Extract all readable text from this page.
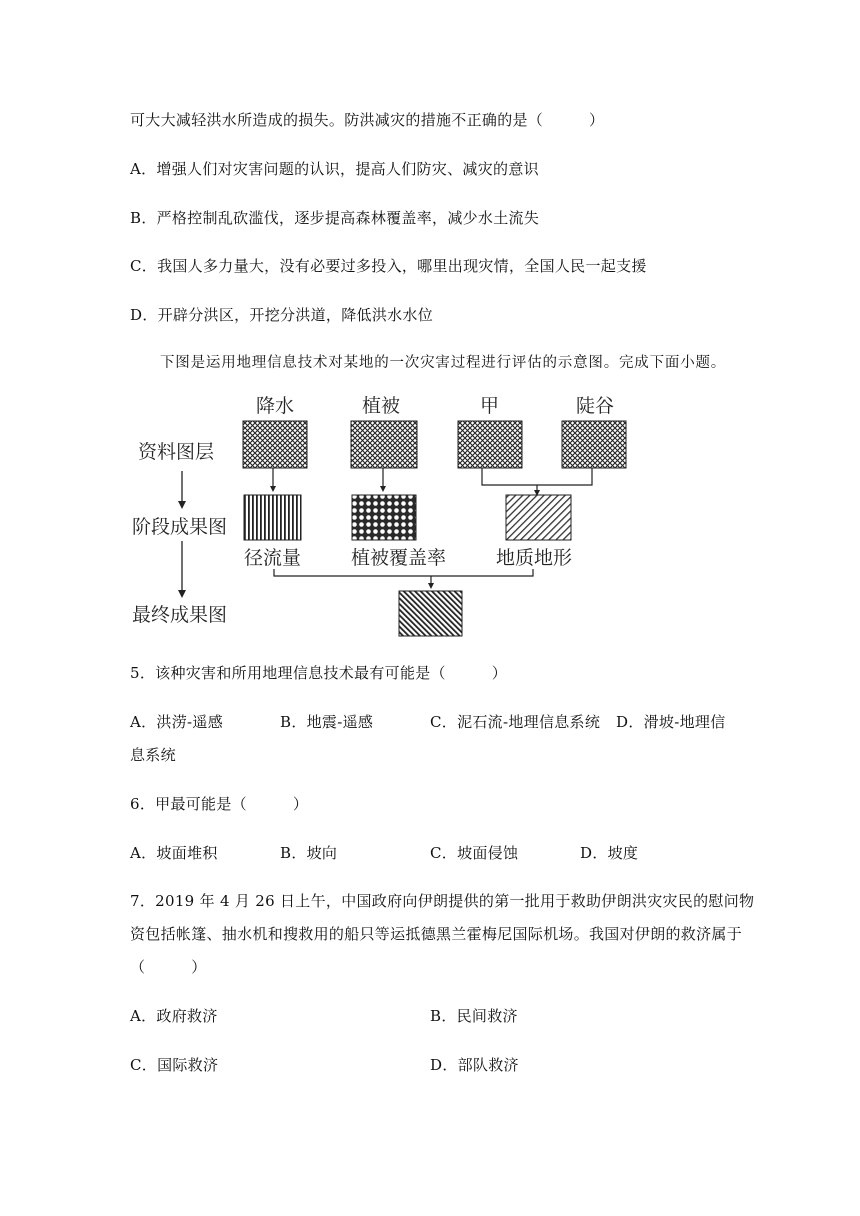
可大大减轻洪水所造成的损失。防洪减灾的措施不正确的是（　　　）
A．增强人们对灾害问题的认识，提高人们防灾、减灾的意识
B．严格控制乱砍滥伐，逐步提高森林覆盖率，减少水土流失
C．我国人多力量大，没有必要过多投入，哪里出现灾情，全国人民一起支援
D．开辟分洪区，开挖分洪道，降低洪水水位
下图是运用地理信息技术对某地的一次灾害过程进行评估的示意图。完成下面小题。
资料图层
阶段成果图
最终成果图
降水	植被	甲	陡谷
径流量	植被覆盖率	地质地形
5．该种灾害和所用地理信息技术最有可能是（　　　）
A．洪涝-遥感	B．地震-遥感	C．泥石流-地理信息系统 D．滑坡-地理信
息系统
6．甲最可能是（　　　）
A．坡面堆积	B．坡向	C．坡面侵蚀	D．坡度
7．2019 年 4 月 26 日上午，中国政府向伊朗提供的第一批用于救助伊朗洪灾灾民的慰问物
资包括帐篷、抽水机和搜救用的船只等运抵德黑兰霍梅尼国际机场。我国对伊朗的救济属于
（　　　）
A．政府救济	B．民间救济
C．国际救济	D．部队救济
